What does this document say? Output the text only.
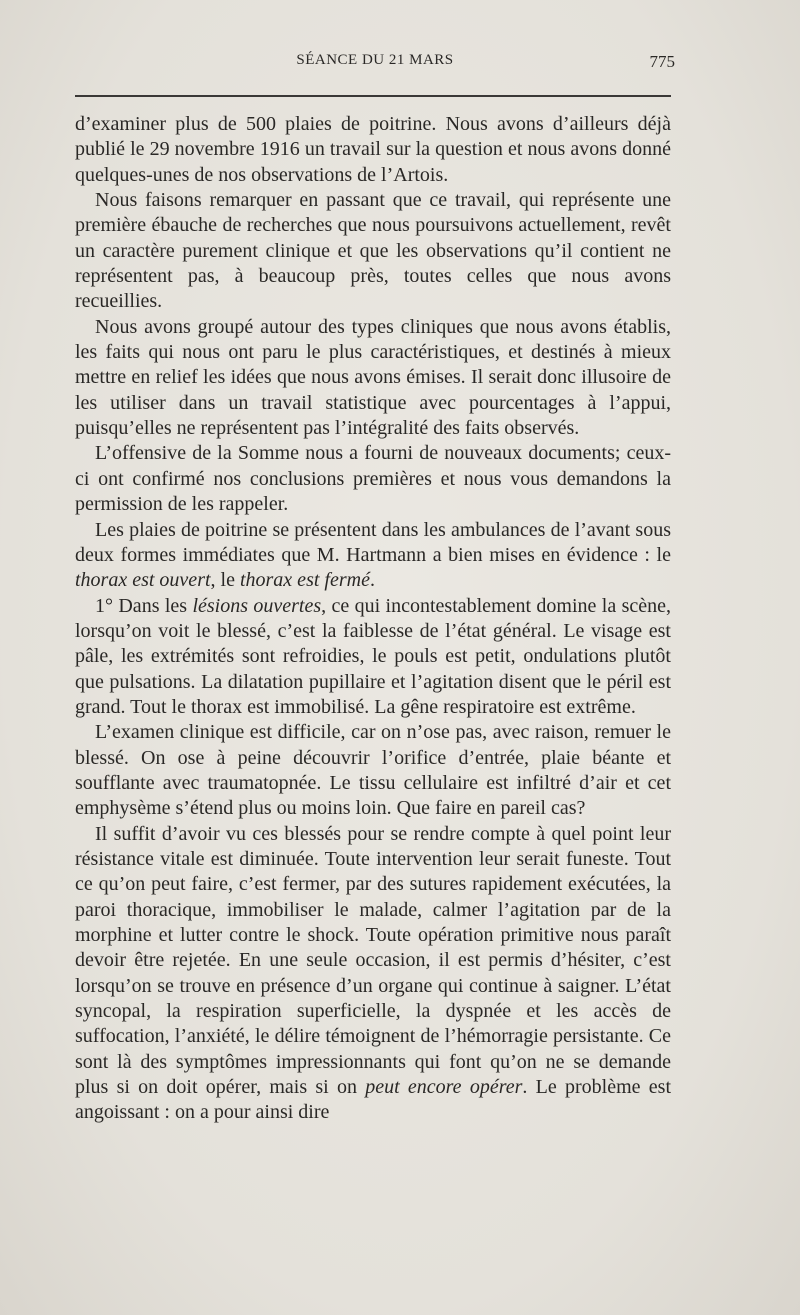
SÉANCE DU 21 MARS	775

d’examiner plus de 500 plaies de poitrine. Nous avons d’ailleurs déjà publié le 29 novembre 1916 un travail sur la question et nous avons donné quelques-unes de nos observations de l’Artois.

Nous faisons remarquer en passant que ce travail, qui représente une première ébauche de recherches que nous poursuivons actuellement, revêt un caractère purement clinique et que les observations qu’il contient ne représentent pas, à beaucoup près, toutes celles que nous avons recueillies.

Nous avons groupé autour des types cliniques que nous avons établis, les faits qui nous ont paru le plus caractéristiques, et destinés à mieux mettre en relief les idées que nous avons émises. Il serait donc illusoire de les utiliser dans un travail statistique avec pourcentages à l’appui, puisqu’elles ne représentent pas l’intégralité des faits observés.

L’offensive de la Somme nous a fourni de nouveaux documents; ceux-ci ont confirmé nos conclusions premières et nous vous demandons la permission de les rappeler.

Les plaies de poitrine se présentent dans les ambulances de l’avant sous deux formes immédiates que M. Hartmann a bien mises en évidence : le thorax est ouvert, le thorax est fermé.

1° Dans les lésions ouvertes, ce qui incontestablement domine la scène, lorsqu’on voit le blessé, c’est la faiblesse de l’état général. Le visage est pâle, les extrémités sont refroidies, le pouls est petit, ondulations plutôt que pulsations. La dilatation pupillaire et l’agitation disent que le péril est grand. Tout le thorax est immobilisé. La gêne respiratoire est extrême.

L’examen clinique est difficile, car on n’ose pas, avec raison, remuer le blessé. On ose à peine découvrir l’orifice d’entrée, plaie béante et soufflante avec traumatopnée. Le tissu cellulaire est infiltré d’air et cet emphysème s’étend plus ou moins loin. Que faire en pareil cas?

Il suffit d’avoir vu ces blessés pour se rendre compte à quel point leur résistance vitale est diminuée. Toute intervention leur serait funeste. Tout ce qu’on peut faire, c’est fermer, par des sutures rapidement exécutées, la paroi thoracique, immobiliser le malade, calmer l’agitation par de la morphine et lutter contre le shock. Toute opération primitive nous paraît devoir être rejetée. En une seule occasion, il est permis d’hésiter, c’est lorsqu’on se trouve en présence d’un organe qui continue à saigner. L’état syncopal, la respiration superficielle, la dyspnée et les accès de suffocation, l’anxiété, le délire témoignent de l’hémorragie persistante. Ce sont là des symptômes impressionnants qui font qu’on ne se demande plus si on doit opérer, mais si on peut encore opérer. Le problème est angoissant : on a pour ainsi dire
